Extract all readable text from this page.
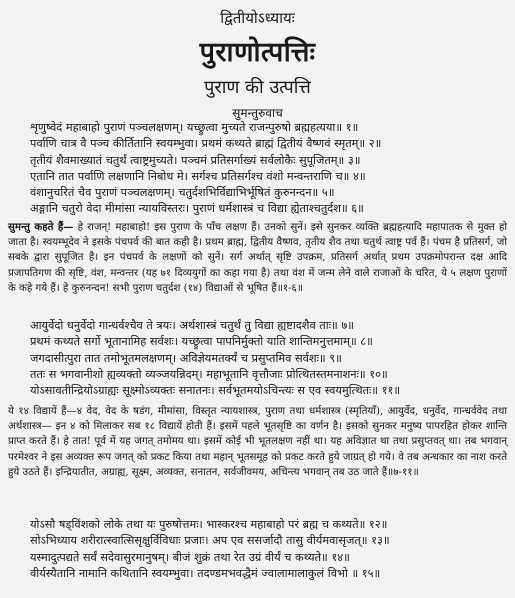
द्वितीयोऽध्यायः
पुराणोत्पत्तिः
पुराण की उत्पत्ति
सुमन्तुरुवाच
शृणुष्वेदं महाबाहो पुराणं पञ्चलक्षणम्। यच्छ्रुत्वा मुच्यते राजन्पुरुषो ब्रह्महत्यया॥ १॥
पर्वाणि चात्र वै पञ्च कीर्तितानि स्वयम्भुवा। प्रथमं कथ्यते ब्राह्मं द्वितीयं वैष्णवं स्मृतम्॥ २॥
तृतीयं शैवमाख्यातं चतुर्थं त्वाष्ट्रमुच्यते। पञ्चमं प्रतिसर्गाख्यं सर्वलोकैः सुपूजितम्॥ ३॥
एतानि तात पर्वाणि लक्षणानि निबोध मे। सर्गश्च प्रतिसर्गश्च वंशो मन्वन्तराणि च॥ ४॥
वंशानुचरितं चैव पुराणं पञ्चलक्षणम्। चतुर्दशभिर्विद्याभिर्भूषितं कुरुनन्दन॥ ५॥
अङ्गानि चतुरो वेदा मीमांसा न्यायविस्तरः। पुराणं धर्मशास्त्रं च विद्या ह्येताश्चतुर्दश॥ ६॥
सुमन्तु कहते हैं— हे राजन्! महाबाहो! इस पुराण के पाँच लक्षण हैं। उनको सुनें। इसे सुनकर व्यक्ति ब्रह्महत्यादि महापातक से मुक्त हो जाता है। स्वयम्भूदेव ने इसके पंचपर्व की बात कही है। प्रथम ब्राह्म, द्वितीय वैष्णव, तृतीय शैव तथा चतुर्थ त्वाष्ट्र पर्व हैं। पंचम है प्रतिसर्ग, जो सबके द्वारा सुपूजित है। इन पंचपर्व के लक्षणों को सुनें। सर्ग अर्थात् सृष्टि उपक्रम, प्रतिसर्ग अर्थात् प्रथम उपक्रमोपरान्त दक्ष आदि प्रजापतिगण की सृष्टि, वंश, मन्वन्तर (यह ७१ दिव्ययुगों का कहा गया है) तथा वंश में जन्म लेने वाले राजाओं के चरित, ये ५ लक्षण पुराणों के कहे गये हैं। हे कुरुनन्दन! सभी पुराण चतुर्दश (१४) विद्याओं से भूषित हैं॥१-६॥
आयुर्वेदो धनुर्वेदो गान्धर्वश्चैव ते त्रयः। अर्थशास्त्रं चतुर्थं तु विद्या ह्यष्टादशैव ताः॥ ७॥
प्रथमं कथ्यते सर्गो भूतानामिह सर्वशः। यच्छ्रुत्वा पापनिर्मुक्तो याति शान्तिमनुत्तमाम्॥ ८॥
जगदासीत्पुरा तात तमोभूतमलक्षणम्। अविज्ञेयमतर्क्यं च प्रसुप्तमिव सर्वशः॥ ९॥
ततः स भगवानीशो ह्यव्यक्तो व्यञ्जयन्निदम्। महाभूतानि वृत्तौजाः प्रोत्थितस्तमनाशनः॥ १०॥
योऽसावतीन्द्रियोऽग्राह्यः सूक्ष्मोऽव्यक्तः सनातनः। सर्वभूतमयोऽचिन्त्यः स एव स्वयमुत्थितः॥ ११॥
ये १४ विद्यायें हैं—४ वेद, वेद के षडंग, मीमांसा, विस्तृत न्यायशास्त्र, पुराण तथा धर्मशास्त्र (स्मृतियाँ), आयुर्वेद, धनुर्वेद, गान्धर्ववेद तथा अर्थशास्त्र— इन ४ को मिलाकर सब १८ विद्यायें होती हैं। इसमें पहले भूतसृष्टि का वर्णन है। इसको सुनकर मनुष्य पापरहित होकर शान्ति प्राप्त करते हैं। हे तात! पूर्व में यह जगत् तमोमय था। इसमें कोई भी भूतलक्षण नहीं था। यह अविज्ञात था तथा प्रसुप्तवत् था। तब भगवान् परमेश्वर ने इस अव्यक्त रूप जगत् को प्रकट किया तथा महान् भूतसमूह को प्रकट करते हुये जाग्रत् हो गये। वे तब अन्धकार का नाश करते हुये उठते हैं। इन्द्रियातीत, अग्राह्य, सूक्ष्म, अव्यक्त, सनातन, सर्वजीवमय, अचिन्त्य भगवान् तब उठ जाते हैं॥७-११॥
योऽसौ षड्विंशको लोके तथा यः पुरुषोत्तमः। भास्करश्च महाबाहो परं ब्रह्म च कथ्यते॥ १२॥
सोऽभिध्याय शरीरात्स्वात्सिसृक्षुर्विविधाः प्रजाः। अप एव ससर्जादौ तासु वीर्यमवासृजत्॥ १३॥
यस्मादुत्पद्यते सर्वं सदेवासुरमानुषम्। बीजं शुक्रं तथा रेत उग्रं वीर्यं च कथ्यते॥ १४॥
वीर्यस्यैतानि नामानि कथितानि स्वयम्भुवा। तदण्डमभवद्धैमं ज्वालामालाकुलं विभो ॥ १५॥
